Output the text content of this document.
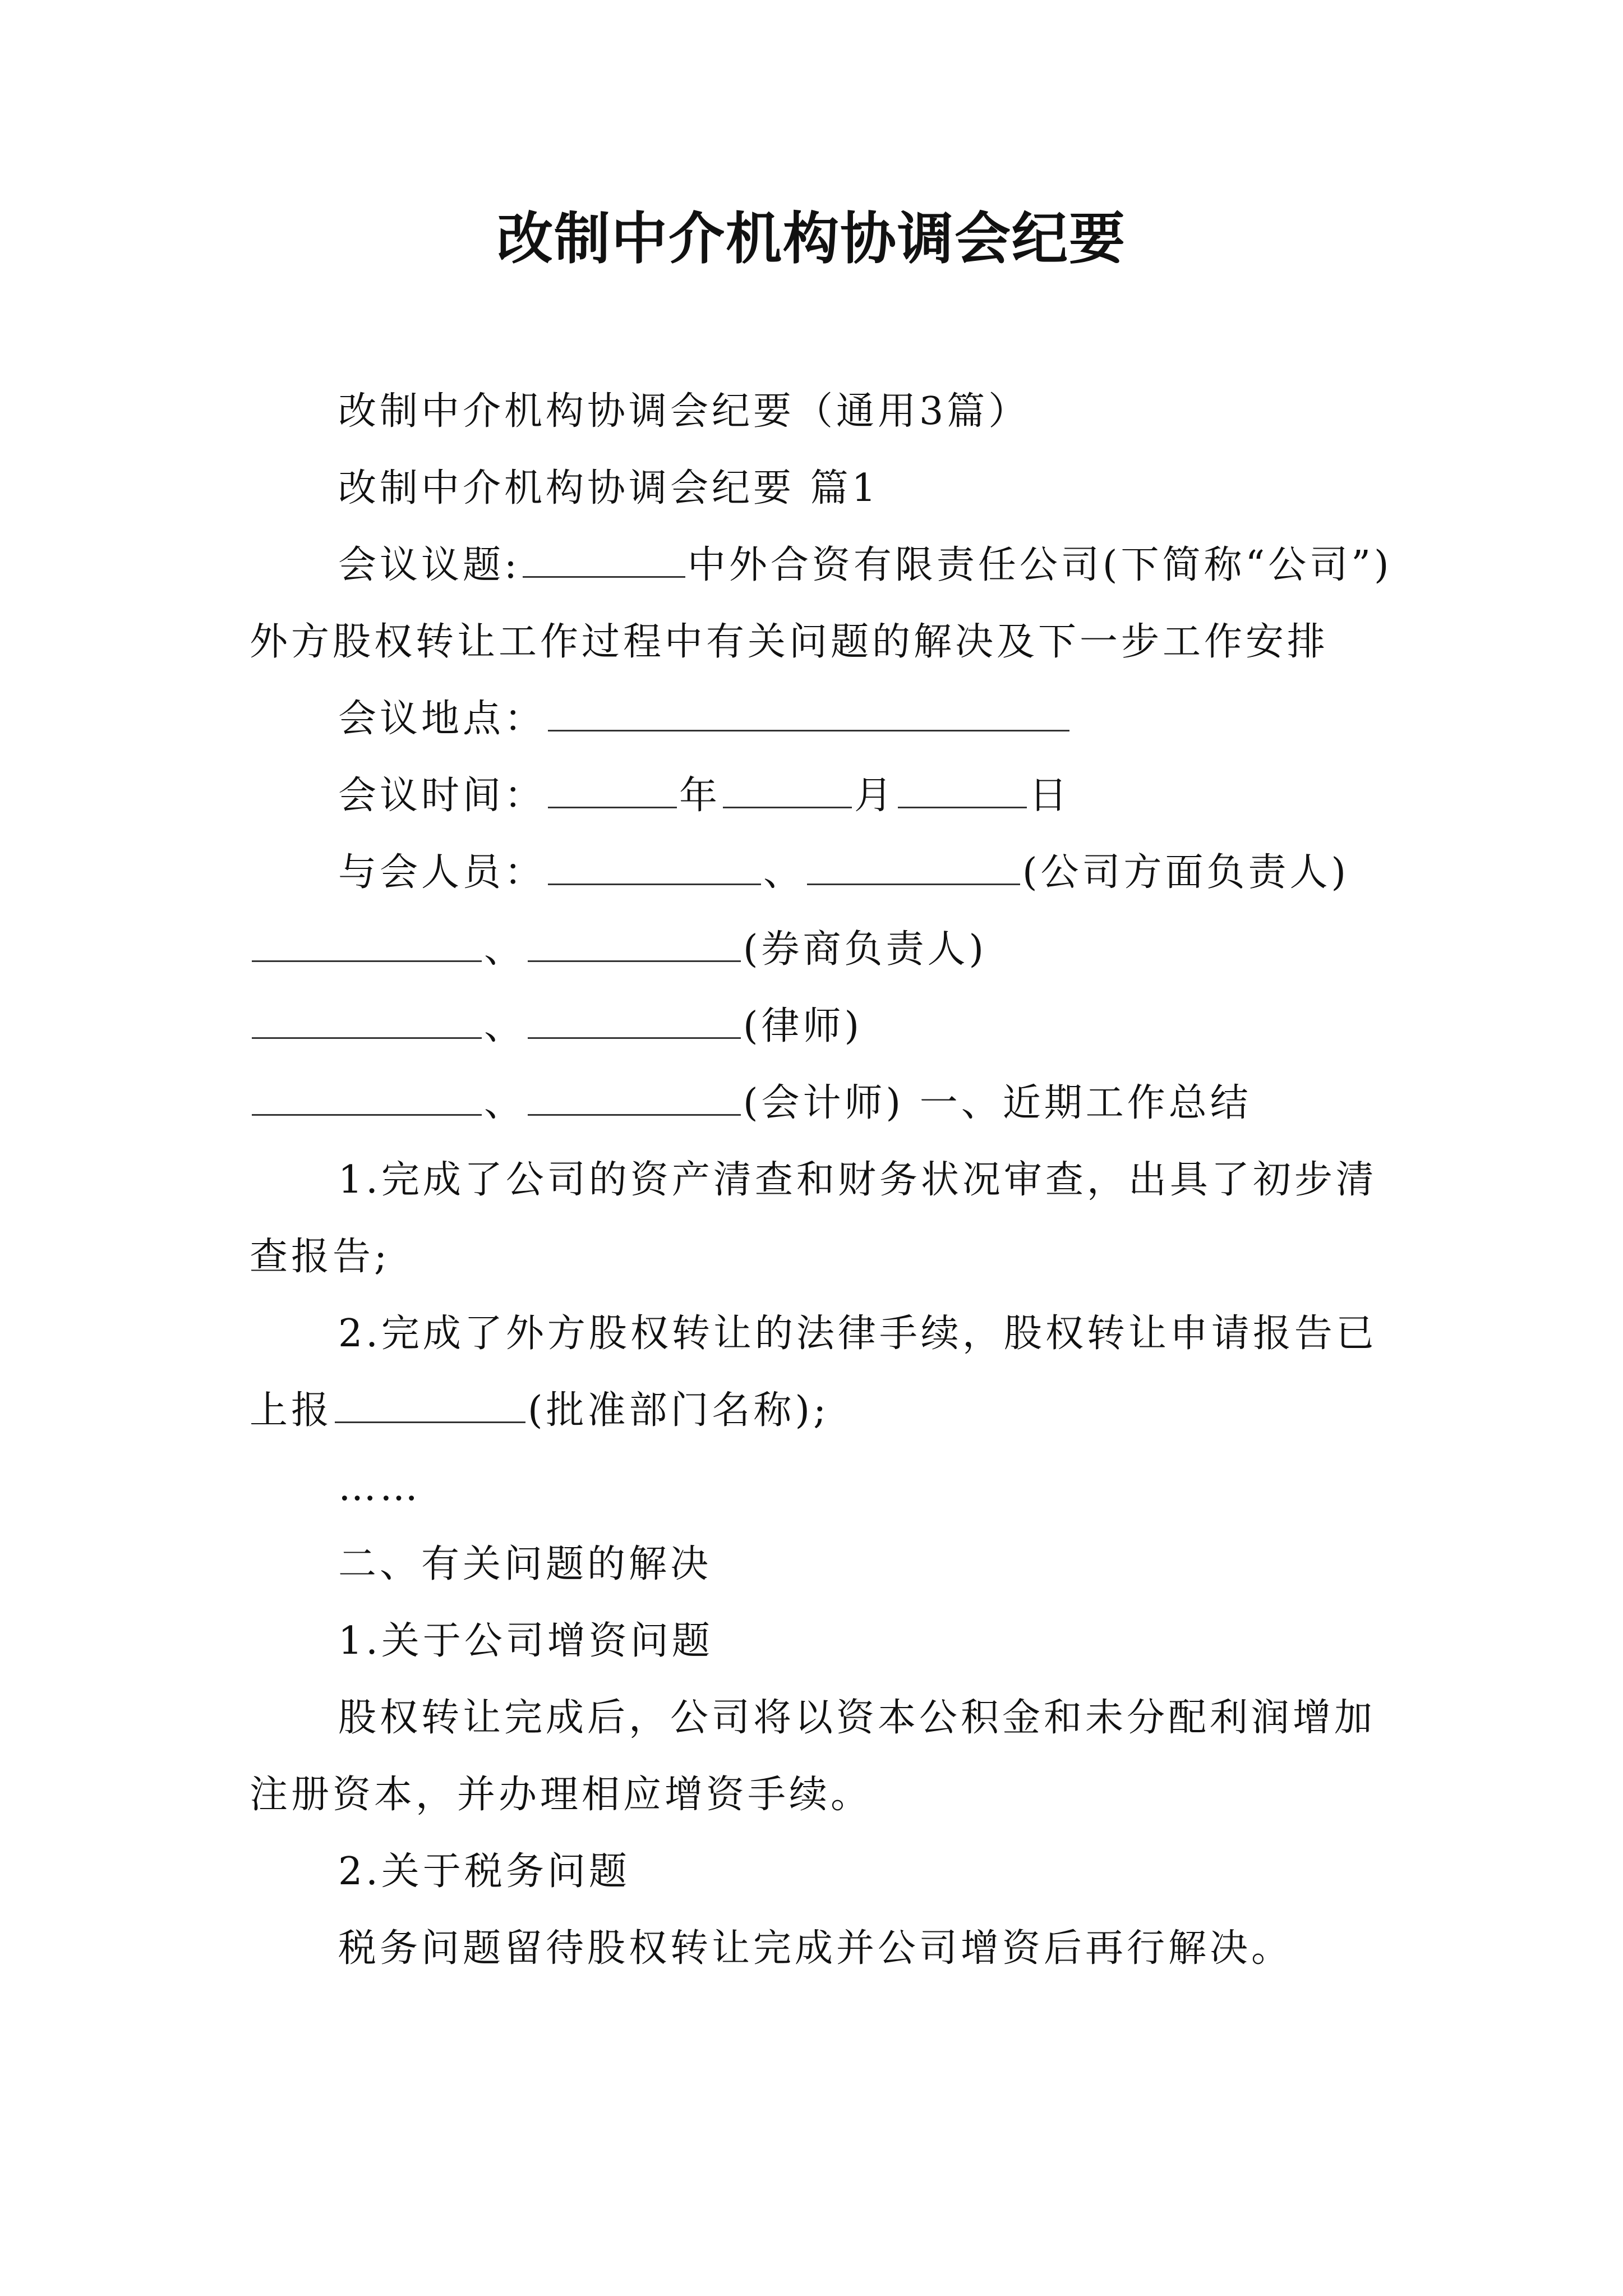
改制中介机构协调会纪要

改制中介机构协调会纪要（通用3篇）

改制中介机构协调会纪要 篇1

会议议题:	中外合资有限责任公司(下简称“公司”)外方股权转让工作过程中有关问题的解决及下一步工作安排

会议地点：

会议时间：	年	月	日

与会人员：	、	(公司方面负责人)

、	(券商负责人)

、	(律师)

、	(会计师) 一、近期工作总结

1.完成了公司的资产清查和财务状况审查，出具了初步清查报告;

2.完成了外方股权转让的法律手续，股权转让申请报告已上报	(批准部门名称);

……

二、有关问题的解决

1.关于公司增资问题

股权转让完成后，公司将以资本公积金和未分配利润增加注册资本，并办理相应增资手续。

2.关于税务问题

税务问题留待股权转让完成并公司增资后再行解决。
